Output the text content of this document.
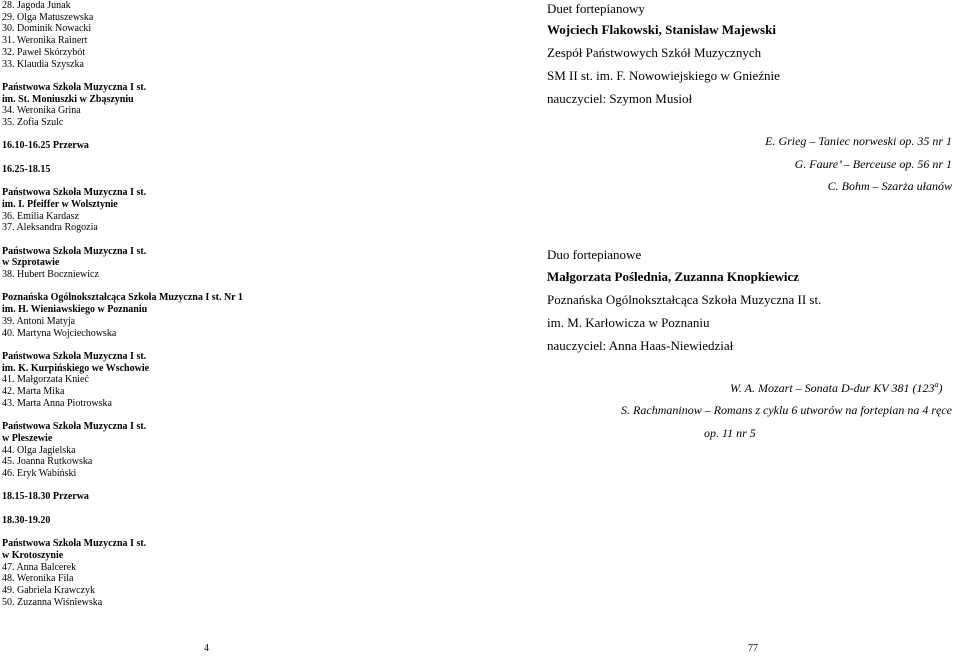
28. Jagoda Junak

29. Olga Matuszewska

30. Dominik Nowacki

31. Weronika Rainert

32. Paweł Skórzybót

33. Klaudia Szyszka

Państwowa Szkoła Muzyczna I st.

im. St. Moniuszki w Zbąszyniu

34. Weronika Grina

35. Zofia Szulc

16.10-16.25 Przerwa

16.25-18.15

Państwowa Szkoła Muzyczna I st.

im. I. Pfeiffer w Wolsztynie

36. Emilia Kardasz

37. Aleksandra Rogozia

Państwowa Szkoła Muzyczna I st.

w Szprotawie

38. Hubert Boczniewicz

Poznańska Ogólnokształcąca Szkoła Muzyczna I st. Nr 1

im. H. Wieniawskiego w Poznaniu

39. Antoni Matyja

40. Martyna Wojciechowska

Państwowa Szkoła Muzyczna I st.

im. K. Kurpińskiego we Wschowie

41. Małgorzata Knieć

42. Marta Mika

43. Marta Anna Piotrowska

Państwowa Szkoła Muzyczna I st.

w Pleszewie

44. Olga Jagielska

45. Joanna Rutkowska

46. Eryk Wabiński

18.15-18.30 Przerwa

18.30-19.20

Państwowa Szkoła Muzyczna I st.

w Krotoszynie

47. Anna Balcerek

48. Weronika Fila

49. Gabriela Krawczyk

50. Zuzanna Wiśniewska

4
Duet fortepianowy
Wojciech Flakowski, Stanisław Majewski
Zespół Państwowych Szkół Muzycznych
SM II st. im. F. Nowowiejskiego w Gnieźnie
nauczyciel: Szymon Musioł
Duo fortepianowe
Małgorzata Poślednia, Zuzanna Knopkiewicz
Poznańska Ogólnokształcąca Szkoła Muzyczna II st.
im. M. Karłowicza w Poznaniu
nauczyciel: Anna Haas-Niewiedział
E. Grieg – Taniec norweski op. 35 nr 1
G. Faure’ – Berceuse op. 56 nr 1
C. Bohm – Szarża ułanów
W. A. Mozart – Sonata D-dur KV 381 (123$^a$)
S. Rachmaninow – Romans z cyklu 6 utworów na fortepian na 4 ręce
op. 11 nr 5
77
